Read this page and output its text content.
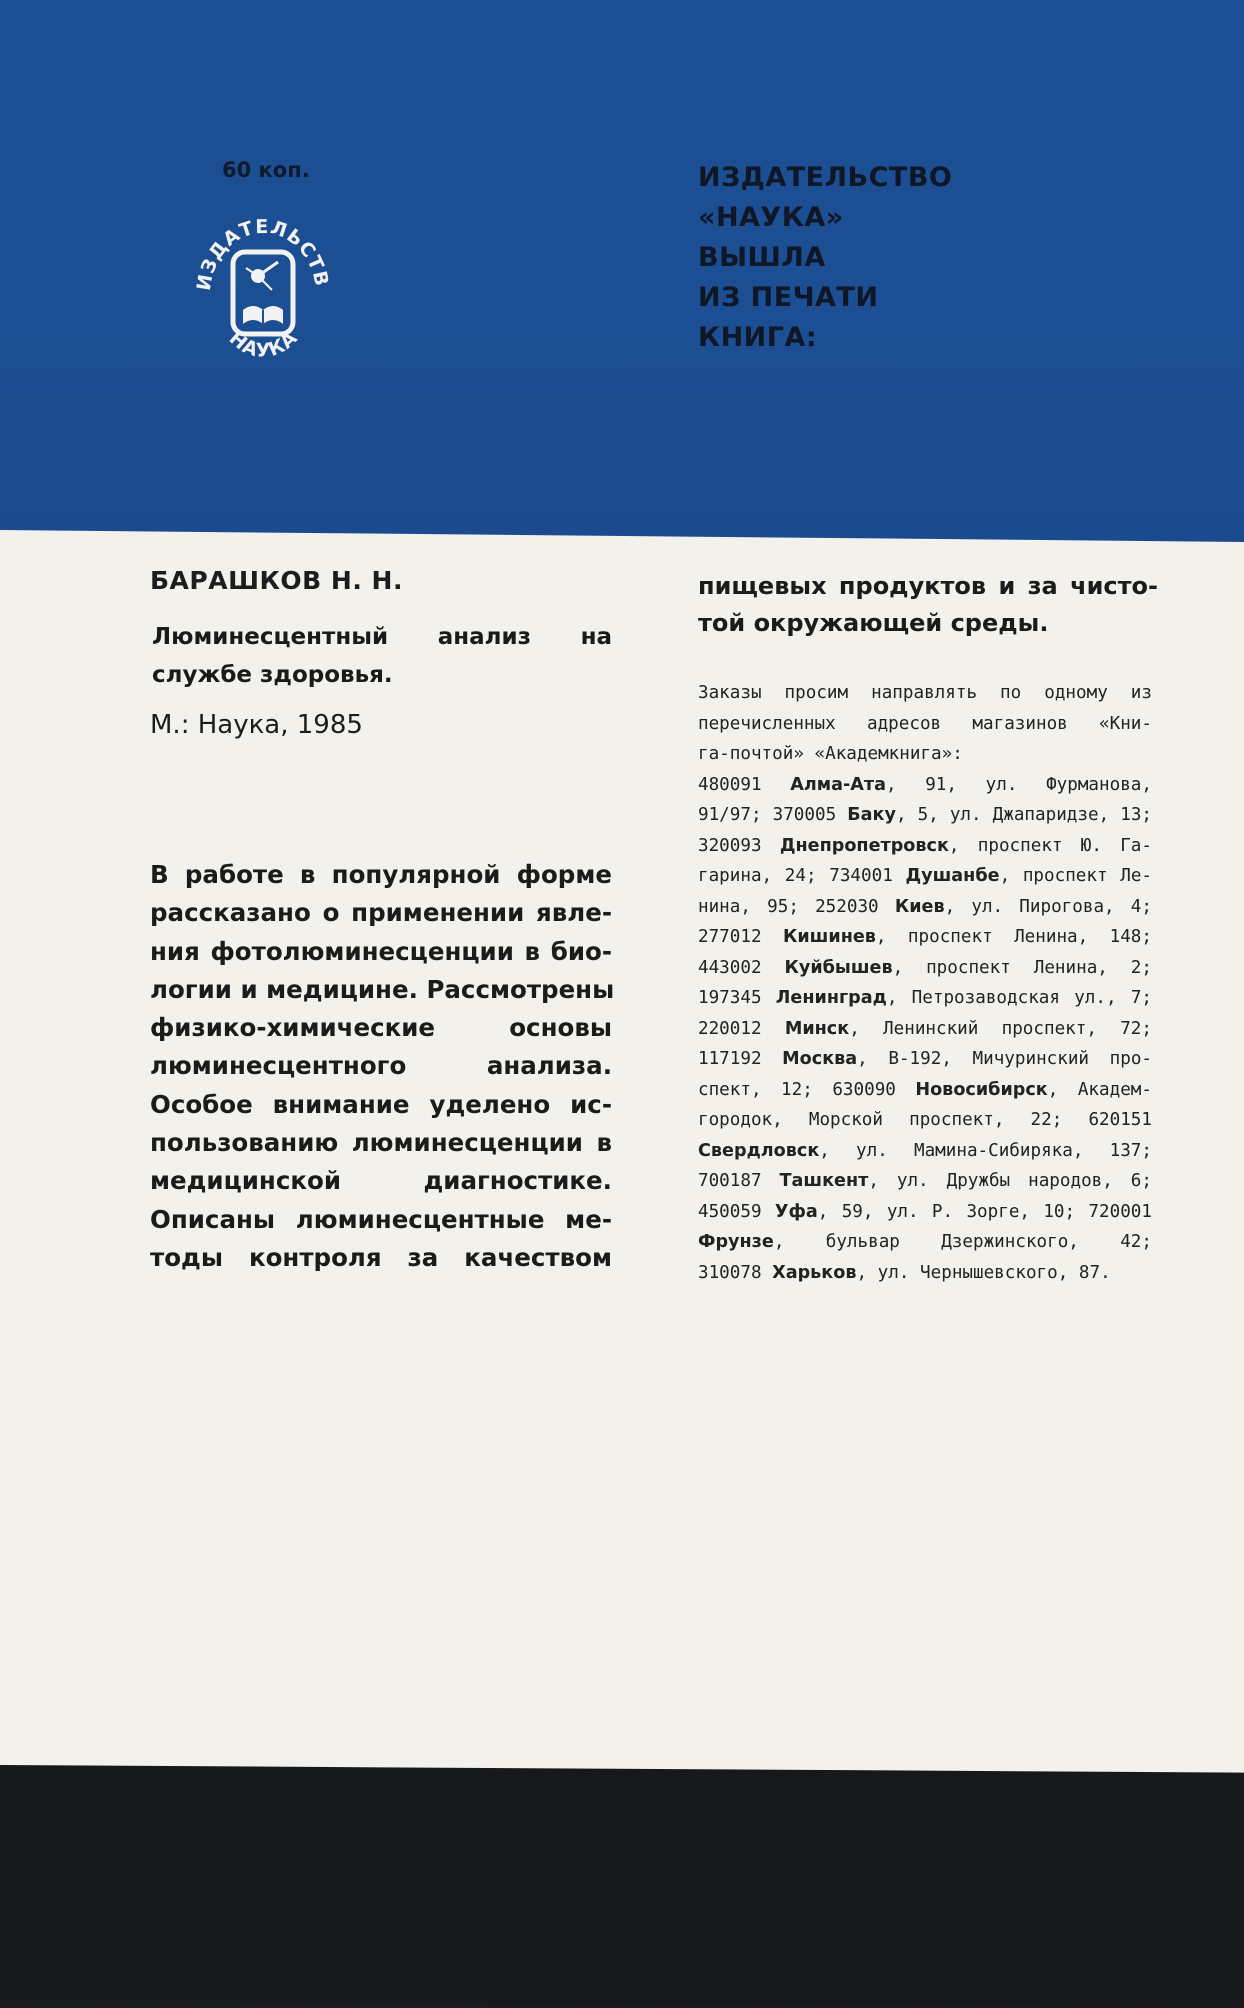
60 коп.
ИЗДАТЕЛЬСТВ
НАУКА
ИЗДАТЕЛЬСТВО
«НАУКА»
ВЫШЛА
ИЗ ПЕЧАТИ
КНИГА:
БАРАШКОВ Н. Н.
Люминесцентный анализ на службе здоровья.
М.: Наука, 1985
В работе в популярной форме
рассказано о применении явле-
ния фотолюминесценции в био-
логии и медицине. Рассмотрены
физико-химические основы
люминесцентного анализа.
Особое внимание уделено ис-
пользованию люминесценции в
медицинской диагностике.
Описаны люминесцентные ме-
тоды контроля за качеством
пищевых продуктов и за чисто-
той окружающей среды.
Заказы просим направлять по одному из
перечисленных адресов магазинов «Кни-
га-почтой» «Академкнига»:
480091 Алма-Ата, 91, ул. Фурманова,
91/97; 370005 Баку, 5, ул. Джапаридзе, 13;
320093 Днепропетровск, проспект Ю. Га-
гарина, 24; 734001 Душанбе, проспект Ле-
нина, 95; 252030 Киев, ул. Пирогова, 4;
277012 Кишинев, проспект Ленина, 148;
443002 Куйбышев, проспект Ленина, 2;
197345 Ленинград, Петрозаводская ул., 7;
220012 Минск, Ленинский проспект, 72;
117192 Москва, В-192, Мичуринский про-
спект, 12; 630090 Новосибирск, Академ-
городок, Морской проспект, 22; 620151
Свердловск, ул. Мамина-Сибиряка, 137;
700187 Ташкент, ул. Дружбы народов, 6;
450059 Уфа, 59, ул. Р. Зорге, 10; 720001
Фрунзе, бульвар Дзержинского, 42;
310078 Харьков, ул. Чернышевского, 87.
